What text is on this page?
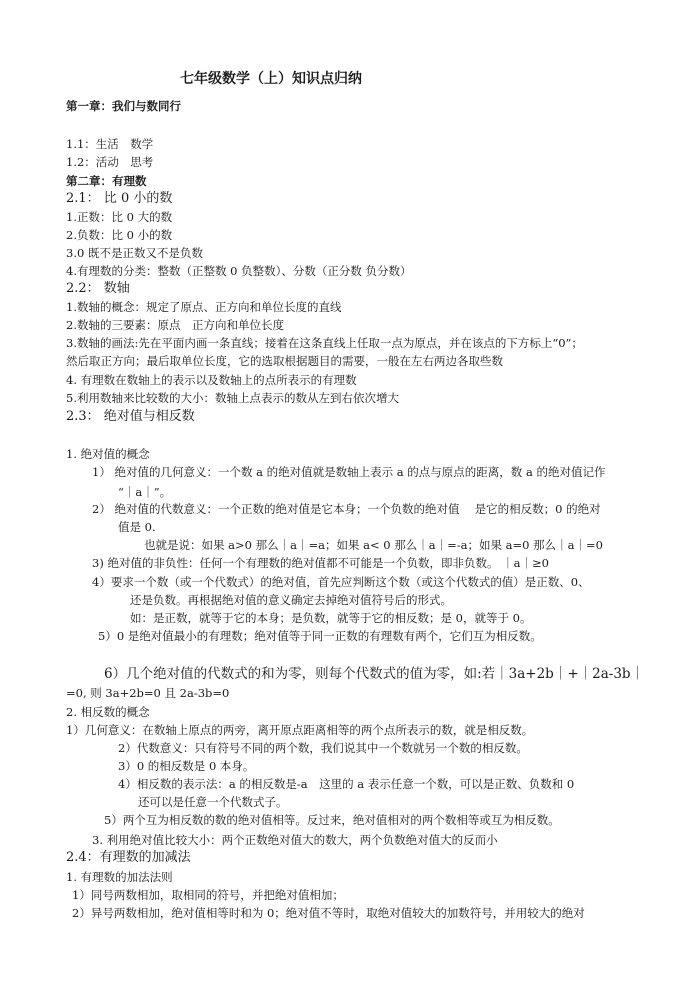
七年级数学（上）知识点归纳
第一章：我们与数同行
1.1：生活　数学
1.2：活动　思考
第二章：有理数
2.1： 比 0 小的数
1.正数：比 0 大的数
2.负数：比 0 小的数
3.0 既不是正数又不是负数
4.有理数的分类：整数（正整数 0 负整数）、分数（正分数 负分数）
2.2： 数轴
1.数轴的概念：规定了原点、正方向和单位长度的直线
2.数轴的三要素：原点　正方向和单位长度
3.数轴的画法:先在平面内画一条直线；接着在这条直线上任取一点为原点，并在该点的下方标上“0”；
然后取正方向；最后取单位长度，它的选取根据题目的需要，一般在左右两边各取些数
4. 有理数在数轴上的表示以及数轴上的点所表示的有理数
5.利用数轴来比较数的大小：数轴上点表示的数从左到右依次增大
2.3： 绝对值与相反数
1. 绝对值的概念
1） 绝对值的几何意义：一个数 a 的绝对值就是数轴上表示 a 的点与原点的距离，数 a 的绝对值记作
“｜a｜”。
2） 绝对值的代数意义：一个正数的绝对值是它本身；一个负数的绝对值　 是它的相反数；0 的绝对
值是 0.
也就是说：如果 a>0 那么｜a｜=a；如果 a< 0 那么｜a｜=-a；如果 a=0 那么｜a｜=0
3) 绝对值的非负性：任何一个有理数的绝对值都不可能是一个负数，即非负数。 ｜a｜≥0
4）要求一个数（或一个代数式）的绝对值，首先应判断这个数（或这个代数式的值）是正数、0、
还是负数。再根据绝对值的意义确定去掉绝对值符号后的形式。
如：是正数，就等于它的本身；是负数，就等于它的相反数；是 0，就等于 0。
5）0 是绝对值最小的有理数；绝对值等于同一正数的有理数有两个，它们互为相反数。
6）几个绝对值的代数式的和为零，则每个代数式的值为零，如:若｜3a+2b｜+｜2a-3b｜
=0, 则 3a+2b=0 且 2a-3b=0
2. 相反数的概念
1）几何意义：在数轴上原点的两旁，离开原点距离相等的两个点所表示的数，就是相反数。
2）代数意义：只有符号不同的两个数，我们说其中一个数就另一个数的相反数。
3）0 的相反数是 0 本身。
4）相反数的表示法：a 的相反数是-a　这里的 a 表示任意一个数，可以是正数、负数和 0
还可以是任意一个代数式子。
5）两个互为相反数的数的绝对值相等。反过来，绝对值相对的两个数相等或互为相反数。
3. 利用绝对值比较大小：两个正数绝对值大的数大，两个负数绝对值大的反而小
2.4：有理数的加减法
1. 有理数的加法法则
1）同号两数相加，取相同的符号，并把绝对值相加；
2）异号两数相加，绝对值相等时和为 0；绝对值不等时，取绝对值较大的加数符号，并用较大的绝对
